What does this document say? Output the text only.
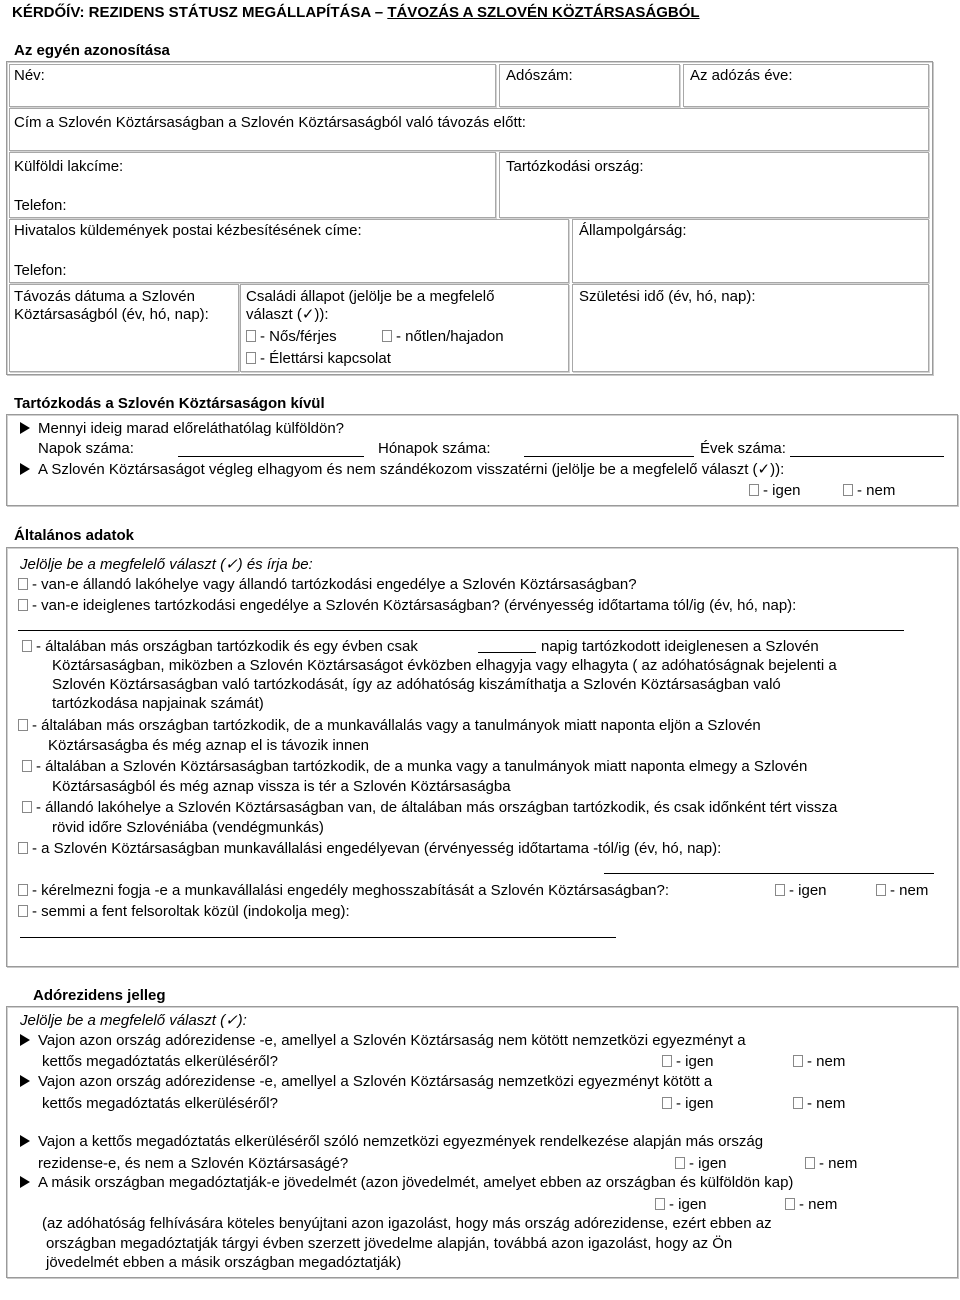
KÉRDŐÍV: REZIDENS STÁTUSZ MEGÁLLAPÍTÁSA – TÁVOZÁS A SZLOVÉN KÖZTÁRSASÁGBÓL
Az egyén azonosítása
Név:	Adószám:	Az adózás éve:
Cím a Szlovén Köztársaságban a Szlovén Köztársaságból való távozás előtt:
Külföldi lakcíme:
Telefon:
Tartózkodási ország:
Hivatalos küldemények postai kézbesítésének címe:
Telefon:
Állampolgárság:
Távozás dátuma a Szlovén
Köztársaságból (év, hó, nap):
Családi állapot (jelölje be a megfelelő
választ (✓)):
- Nős/férjes	- nőtlen/hajadon
- Élettársi kapcsolat
Születési idő (év, hó, nap):
Tartózkodás a Szlovén Köztársaságon kívül
Mennyi ideig marad előreláthatólag külföldön?
Napok száma:	Hónapok száma:	Évek száma:
A Szlovén Köztársaságot végleg elhagyom és nem szándékozom visszatérni (jelölje be a megfelelő választ (✓)):
- igen	- nem
Általános adatok
Jelölje be a megfelelő választ (✓) és írja be:
- van-e állandó lakóhelye vagy állandó tartózkodási engedélye a Szlovén Köztársaságban?
- van-e ideiglenes tartózkodási engedélye a Szlovén Köztársaságban? (érvényesség időtartama tól/ig (év, hó, nap):
- általában más országban tartózkodik és egy évben csak	napig tartózkodott ideiglenesen a Szlovén
Köztársaságban, miközben a Szlovén Köztársaságot évközben elhagyja vagy elhagyta ( az adóhatóságnak bejelenti a
Szlovén Köztársaságban való tartózkodását, így az adóhatóság kiszámíthatja a Szlovén Köztársaságban való
tartózkodása napjainak számát)
- általában más országban tartózkodik, de a munkavállalás vagy a tanulmányok miatt naponta eljön a Szlovén
Köztársaságba és még aznap el is távozik innen
- általában a Szlovén Köztársaságban tartózkodik, de a munka vagy a tanulmányok miatt naponta elmegy a Szlovén
Köztársaságból és még aznap vissza is tér a Szlovén Köztársaságba
- állandó lakóhelye a Szlovén Köztársaságban van, de általában más országban tartózkodik, és csak időnként tért vissza
rövid időre Szlovéniába (vendégmunkás)
- a Szlovén Köztársaságban munkavállalási engedélyevan (érvényesség időtartama -tól/ig (év, hó, nap):
- kérelmezni fogja -e a munkavállalási engedély meghosszabítását a Szlovén Köztársaságban?:	- igen	- nem
- semmi a fent felsoroltak közül (indokolja meg):
Adórezidens jelleg
Jelölje be a megfelelő választ (✓):
Vajon azon ország adórezidense -e, amellyel a Szlovén Köztársaság nem kötött nemzetközi egyezményt a
kettős megadóztatás elkerüléséről?	- igen	- nem
Vajon azon ország adórezidense -e, amellyel a Szlovén Köztársaság nemzetközi egyezményt kötött a
kettős megadóztatás elkerüléséről?	- igen	- nem
Vajon a kettős megadóztatás elkerüléséről szóló nemzetközi egyezmények rendelkezése alapján más ország
rezidense-e, és nem a Szlovén Köztársaságé?	- igen	- nem
A másik országban megadóztatják-e jövedelmét (azon jövedelmét, amelyet ebben az országban és külföldön kap)
- igen	- nem
(az adóhatóság felhívására köteles benyújtani azon igazolást, hogy más ország adórezidense, ezért ebben az
országban megadóztatják tárgyi évben szerzett jövedelme alapján, továbbá azon igazolást, hogy az Ön
jövedelmét ebben a másik országban megadóztatják)
